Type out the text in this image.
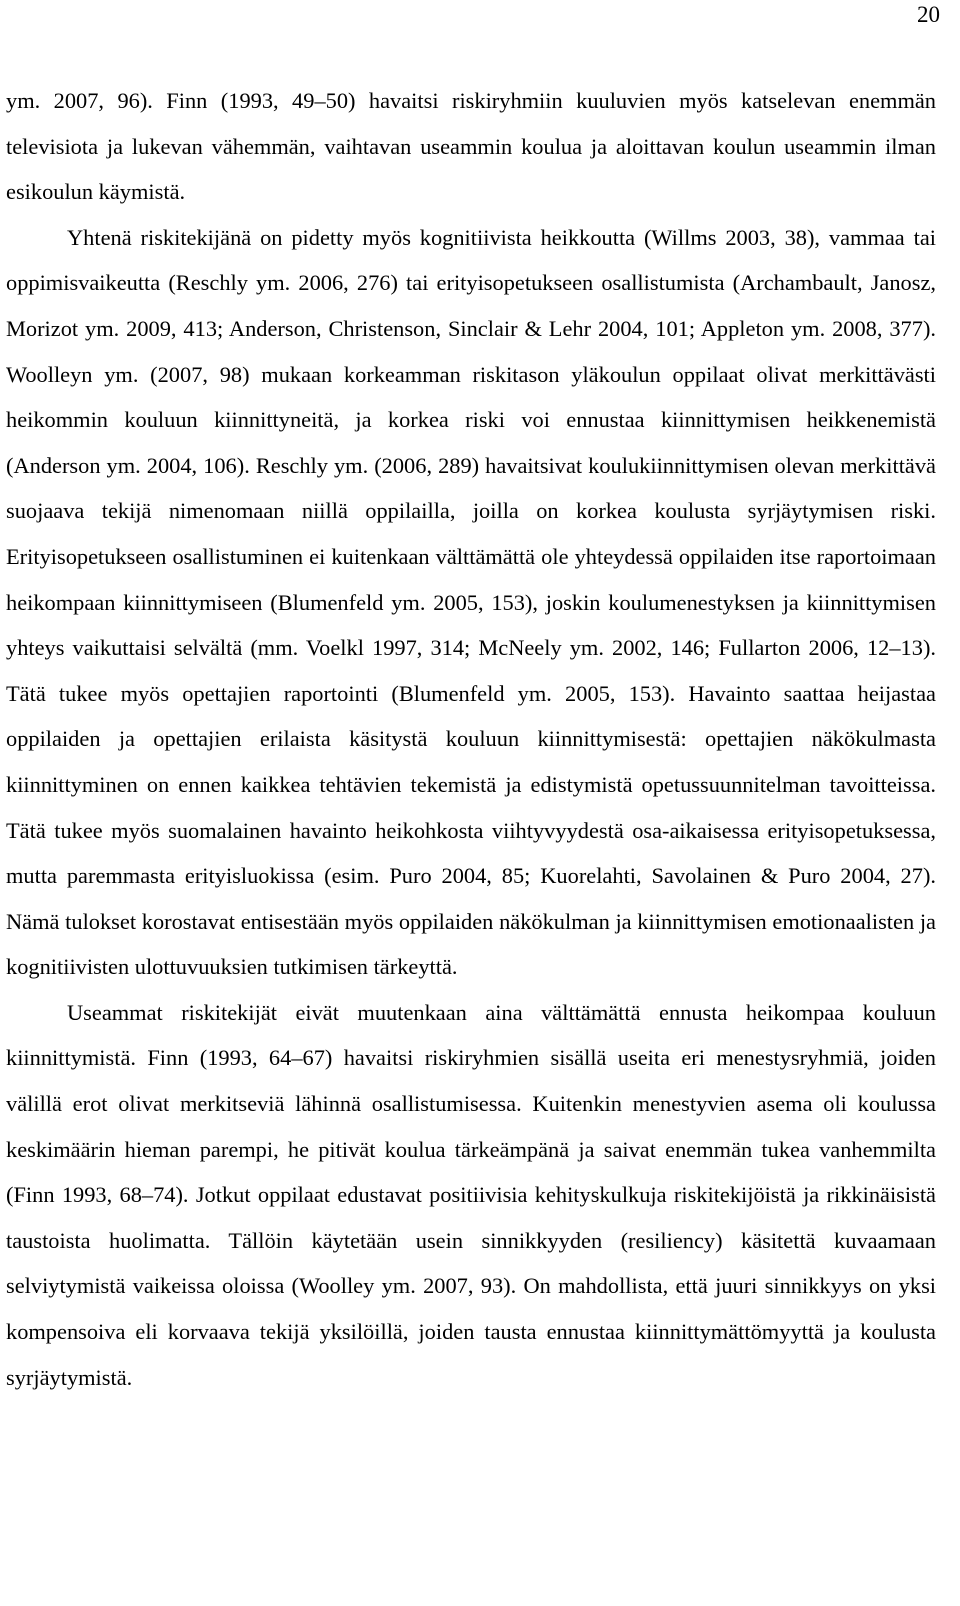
20

ym. 2007, 96). Finn (1993, 49–50) havaitsi riskiryhmiin kuuluvien myös katselevan enemmän televisiota ja lukevan vähemmän, vaihtavan useammin koulua ja aloittavan koulun useammin ilman esikoulun käymistä.

Yhtenä riskitekijänä on pidetty myös kognitiivista heikkoutta (Willms 2003, 38), vammaa tai oppimisvaikeutta (Reschly ym. 2006, 276) tai erityisopetukseen osallistumista (Archambault, Janosz, Morizot ym. 2009, 413; Anderson, Christenson, Sinclair & Lehr 2004, 101; Appleton ym. 2008, 377). Woolleyn ym. (2007, 98) mukaan korkeamman riskitason yläkoulun oppilaat olivat merkittävästi heikommin kouluun kiinnittyneitä, ja korkea riski voi ennustaa kiinnittymisen heikkenemistä (Anderson ym. 2004, 106). Reschly ym. (2006, 289) havaitsivat koulukiinnittymisen olevan merkittävä suojaava tekijä nimenomaan niillä oppilailla, joilla on korkea koulusta syrjäytymisen riski. Erityisopetukseen osallistuminen ei kuitenkaan välttämättä ole yhteydessä oppilaiden itse raportoimaan heikompaan kiinnittymiseen (Blumenfeld ym. 2005, 153), joskin koulumenestyksen ja kiinnittymisen yhteys vaikuttaisi selvältä (mm. Voelkl 1997, 314; McNeely ym. 2002, 146; Fullarton 2006, 12–13). Tätä tukee myös opettajien raportointi (Blumenfeld ym. 2005, 153). Havainto saattaa heijastaa oppilaiden ja opettajien erilaista käsitystä kouluun kiinnittymisestä: opettajien näkökulmasta kiinnittyminen on ennen kaikkea tehtävien tekemistä ja edistymistä opetussuunnitelman tavoitteissa. Tätä tukee myös suomalainen havainto heikohkosta viihtyvyydestä osa-aikaisessa erityisopetuksessa, mutta paremmasta erityisluokissa (esim. Puro 2004, 85; Kuorelahti, Savolainen & Puro 2004, 27). Nämä tulokset korostavat entisestään myös oppilaiden näkökulman ja kiinnittymisen emotionaalisten ja kognitiivisten ulottuvuuksien tutkimisen tärkeyttä.

Useammat riskitekijät eivät muutenkaan aina välttämättä ennusta heikompaa kouluun kiinnittymistä. Finn (1993, 64–67) havaitsi riskiryhmien sisällä useita eri menestysryhmiä, joiden välillä erot olivat merkitseviä lähinnä osallistumisessa. Kuitenkin menestyvien asema oli koulussa keskimäärin hieman parempi, he pitivät koulua tärkeämpänä ja saivat enemmän tukea vanhemmilta (Finn 1993, 68–74). Jotkut oppilaat edustavat positiivisia kehityskulkuja riskitekijöistä ja rikkinäisistä taustoista huolimatta. Tällöin käytetään usein sinnikkyyden (resiliency) käsitettä kuvaamaan selviytymistä vaikeissa oloissa (Woolley ym. 2007, 93). On mahdollista, että juuri sinnikkyys on yksi kompensoiva eli korvaava tekijä yksilöillä, joiden tausta ennustaa kiinnittymättömyyttä ja koulusta syrjäytymistä.
